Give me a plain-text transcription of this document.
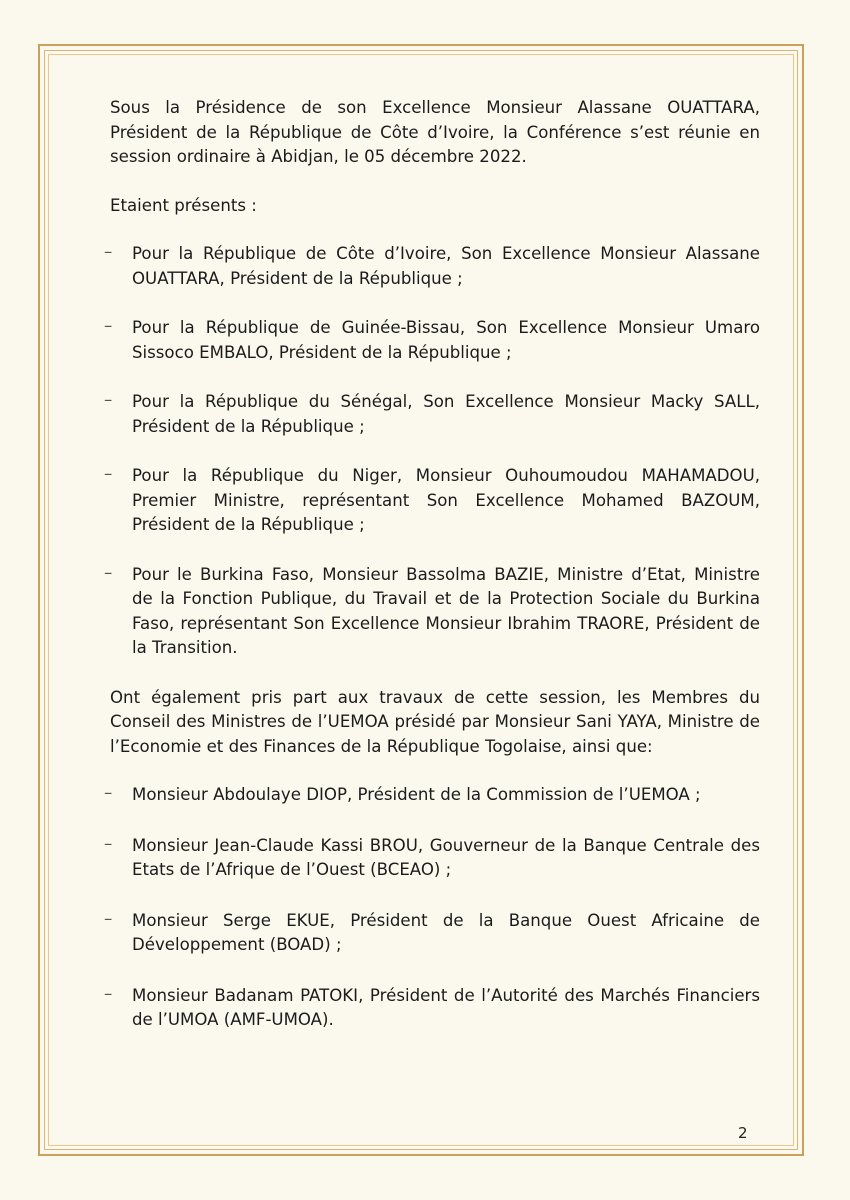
Sous la Présidence de son Excellence Monsieur Alassane OUATTARA, Président de la République de Côte d’Ivoire, la Conférence s’est réunie en session ordinaire à Abidjan, le 05 décembre 2022.

Etaient présents :

– Pour la République de Côte d’Ivoire, Son Excellence Monsieur Alassane OUATTARA, Président de la République ;

– Pour la République de Guinée-Bissau, Son Excellence Monsieur Umaro Sissoco EMBALO, Président de la République ;

– Pour la République du Sénégal, Son Excellence Monsieur Macky SALL, Président de la République ;

– Pour la République du Niger, Monsieur Ouhoumoudou MAHAMADOU, Premier Ministre, représentant Son Excellence Mohamed BAZOUM, Président de la République ;

– Pour le Burkina Faso, Monsieur Bassolma BAZIE, Ministre d’Etat, Ministre de la Fonction Publique, du Travail et de la Protection Sociale du Burkina Faso, représentant Son Excellence Monsieur Ibrahim TRAORE, Président de la Transition.

Ont également pris part aux travaux de cette session, les Membres du Conseil des Ministres de l’UEMOA présidé par Monsieur Sani YAYA, Ministre de l’Economie et des Finances de la République Togolaise, ainsi que:

– Monsieur Abdoulaye DIOP, Président de la Commission de l’UEMOA ;

– Monsieur Jean-Claude Kassi BROU, Gouverneur de la Banque Centrale des Etats de l’Afrique de l’Ouest (BCEAO) ;

– Monsieur Serge EKUE, Président de la Banque Ouest Africaine de Développement (BOAD) ;

– Monsieur Badanam PATOKI, Président de l’Autorité des Marchés Financiers de l’UMOA (AMF-UMOA).

2
